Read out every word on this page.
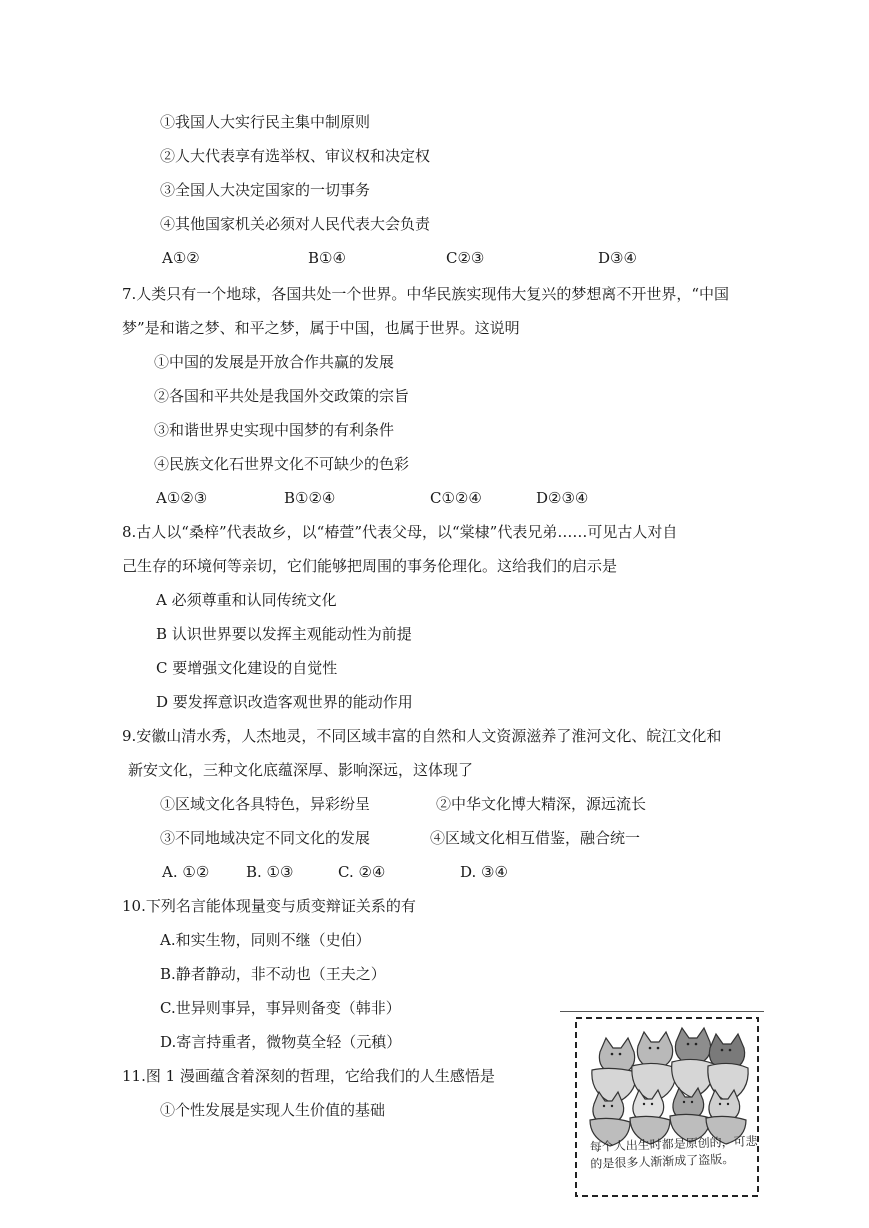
①我国人大实行民主集中制原则
②人大代表享有选举权、审议权和决定权
③全国人大决定国家的一切事务
④其他国家机关必须对人民代表大会负责
A①②	B①④	C②③	D③④
7.人类只有一个地球，各国共处一个世界。中华民族实现伟大复兴的梦想离不开世界，“中国
梦”是和谐之梦、和平之梦，属于中国，也属于世界。这说明
①中国的发展是开放合作共赢的发展
②各国和平共处是我国外交政策的宗旨
③和谐世界史实现中国梦的有利条件
④民族文化石世界文化不可缺少的色彩
A①②③	B①②④	C①②④	D②③④
8.古人以“桑梓”代表故乡，以“椿萱”代表父母，以“棠棣”代表兄弟……可见古人对自
己生存的环境何等亲切，它们能够把周围的事务伦理化。这给我们的启示是
A 必须尊重和认同传统文化
B 认识世界要以发挥主观能动性为前提
C 要增强文化建设的自觉性
D 要发挥意识改造客观世界的能动作用
9.安徽山清水秀，人杰地灵，不同区域丰富的自然和人文资源滋养了淮河文化、皖江文化和
新安文化，三种文化底蕴深厚、影响深远，这体现了
①区域文化各具特色，异彩纷呈	②中华文化博大精深，源远流长
③不同地域决定不同文化的发展	④区域文化相互借鉴，融合统一
A. ①② B. ①③	C. ②④	D. ③④
10.下列名言能体现量变与质变辩证关系的有
A.和实生物，同则不继（史伯）
B.静者静动，非不动也（王夫之）
C.世异则事异，事异则备变（韩非）
D.寄言持重者，微物莫全轻（元稹）
11.图 1 漫画蕴含着深刻的哲理，它给我们的人生感悟是
①个性发展是实现人生价值的基础
每个人出生时都是原创的，可悲的是很多人渐渐成了盗版。
